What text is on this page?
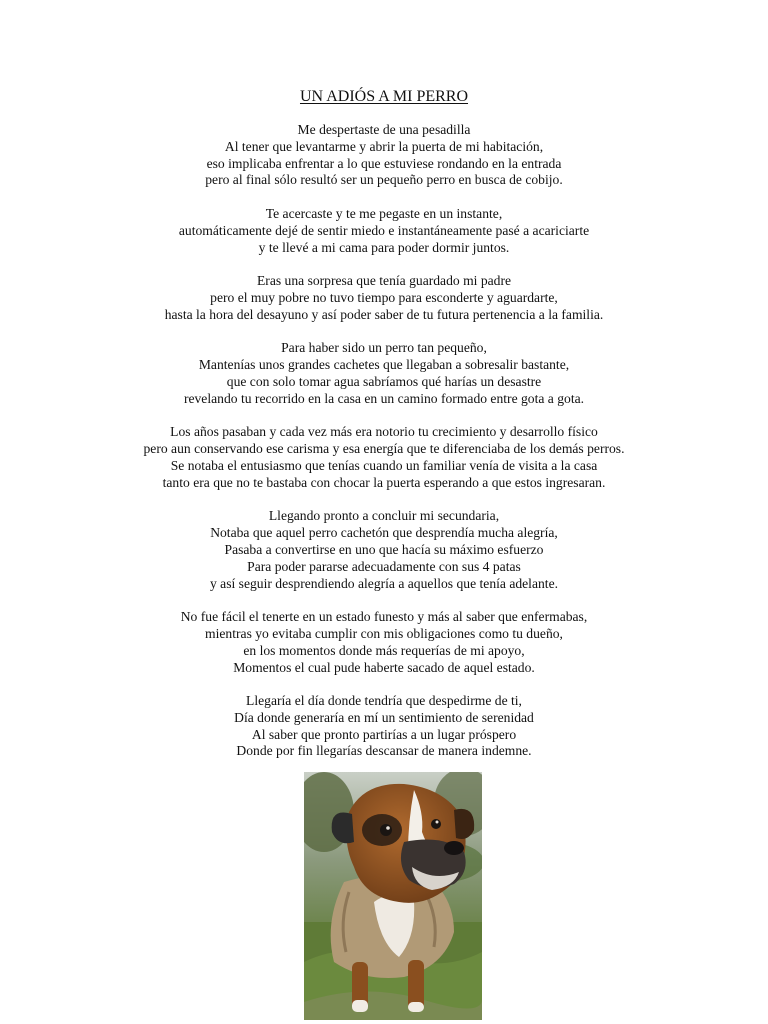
UN ADIÓS A MI PERRO
Me despertaste de una pesadilla
Al tener que levantarme y abrir la puerta de mi habitación,
eso implicaba enfrentar a lo que estuviese rondando en la entrada
pero al final sólo resultó ser un pequeño perro en busca de cobijo.
Te acercaste y te me pegaste en un instante,
automáticamente dejé de sentir miedo e instantáneamente pasé a acariciarte
y te llevé a mi cama para poder dormir juntos.
Eras una sorpresa que tenía guardado mi padre
pero el muy pobre no tuvo tiempo para esconderte y aguardarte,
hasta la hora del desayuno y así poder saber de tu futura pertenencia a la familia.
Para haber sido un perro tan pequeño,
Mantenías unos grandes cachetes que llegaban a sobresalir bastante,
que con solo tomar agua sabríamos qué harías un desastre
revelando tu recorrido en la casa en un camino formado entre gota a gota.
Los años pasaban y cada vez más era notorio tu crecimiento y desarrollo físico
pero aun conservando ese carisma y esa energía que te diferenciaba de los demás perros.
Se notaba el entusiasmo que tenías cuando un familiar venía de visita a la casa
tanto era que no te bastaba con chocar la puerta esperando a que estos ingresaran.
Llegando pronto a concluir mi secundaria,
Notaba que aquel perro cachetón que desprendía mucha alegría,
Pasaba a convertirse en uno que hacía su máximo esfuerzo
Para poder pararse adecuadamente con sus 4 patas
y así seguir desprendiendo alegría a aquellos que tenía adelante.
No fue fácil el tenerte en un estado funesto y más al saber que enfermabas,
mientras yo evitaba cumplir con mis obligaciones como tu dueño,
en los momentos donde más requerías de mi apoyo,
Momentos el cual pude haberte sacado de aquel estado.
Llegaría el día donde tendría que despedirme de ti,
Día donde generaría en mí un sentimiento de serenidad
Al saber que pronto partirías a un lugar próspero
Donde por fin llegarías descansar de manera indemne.
